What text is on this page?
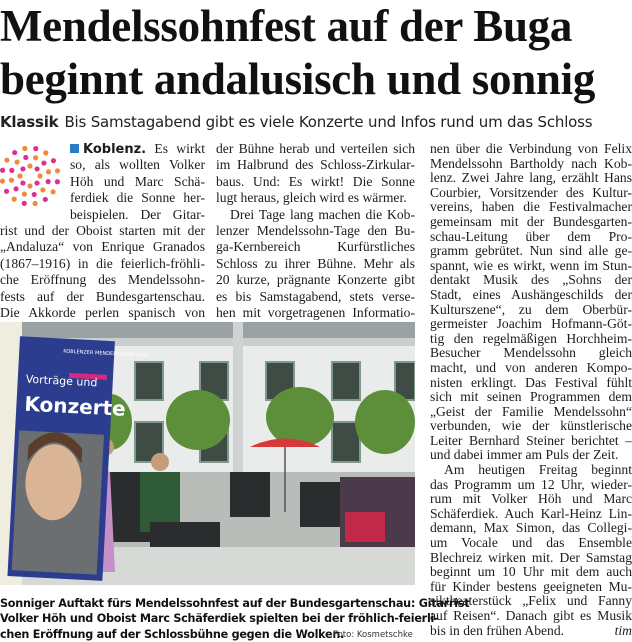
Mendelssohnfest auf der Buga
beginnt andalusisch und sonnig
Klassik Bis Samstagabend gibt es viele Konzerte und Infos rund um das Schloss
Koblenz. Es wirkt
so, als wollten Volker
Höh und Marc Schä-
ferdiek die Sonne her-
beispielen. Der Gitar-
rist und der Oboist starten mit der
„Andaluza“ von Enrique Granados
(1867–1916) in die feierlich-fröhli-
che Eröffnung des Mendelssohn-
fests auf der Bundesgartenschau.
Die Akkorde perlen spanisch von
der Bühne herab und verteilen sich
im Halbrund des Schloss-Zirkular-
baus. Und: Es wirkt! Die Sonne
lugt heraus, gleich wird es wärmer.
Drei Tage lang machen die Kob-
lenzer Mendelssohn-Tage den Bu-
ga-Kernbereich Kurfürstliches
Schloss zu ihrer Bühne. Mehr als
20 kurze, prägnante Konzerte gibt
es bis Samstagabend, stets verse-
hen mit vorgetragenen Informatio-
nen über die Verbindung von Felix
Mendelssohn Bartholdy nach Kob-
lenz. Zwei Jahre lang, erzählt Hans
Courbier, Vorsitzender des Kultur-
vereins, haben die Festivalmacher
gemeinsam mit der Bundesgarten-
schau-Leitung über dem Pro-
gramm gebrütet. Nun sind alle ge-
spannt, wie es wirkt, wenn im Stun-
dentakt Musik des „Sohns der
Stadt, eines Aushängeschilds der
Kulturszene“, zu dem Oberbür-
germeister Joachim Hofmann-Göt-
tig den regelmäßigen Horchheim-
Besucher Mendelssohn gleich
macht, und von anderen Kompo-
nisten erklingt. Das Festival fühlt
sich mit seinen Programmen dem
„Geist der Familie Mendelssohn“
verbunden, wie der künstlerische
Leiter Bernhard Steiner berichtet –
und dabei immer am Puls der Zeit.
Am heutigen Freitag beginnt
das Programm um 12 Uhr, wieder-
rum mit Volker Höh und Marc
Schäferdiek. Auch Karl-Heinz Lin-
demann, Max Simon, das Collegi-
um Vocale und das Ensemble
Blechreiz wirken mit. Der Samstag
beginnt um 10 Uhr mit dem auch
für Kinder bestens geeigneten Mu-
siktheaterstück „Felix und Fanny
auf Reisen“. Danach gibt es Musik
bis in den frühen Abend.	tim
KOBLENZER MENDELSSOHN-TAGE
Vorträge und
Konzerte
Sonniger Auftakt fürs Mendelssohnfest auf der Bundesgartenschau: Gitarrist
Volker Höh und Oboist Marc Schäferdiek spielten bei der fröhlich-feierli-
chen Eröffnung auf der Schlossbühne gegen die Wolken.
Foto: Kosmetschke
